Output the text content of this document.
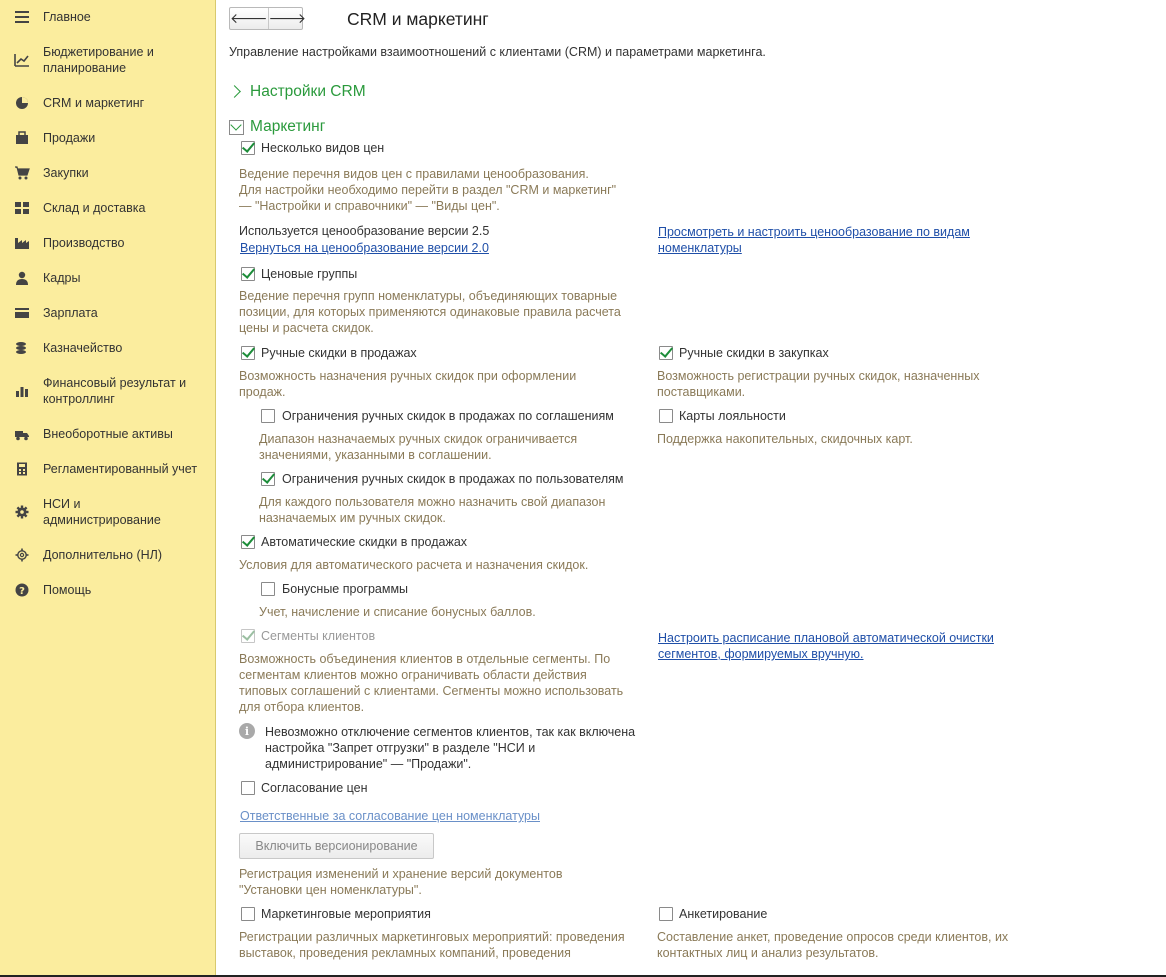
Главное
Бюджетирование и
планирование
CRM и маркетинг
Продажи
Закупки
Склад и доставка
Производство
Кадры
Зарплата
Казначейство
Финансовый результат и
контроллинг
Внеоборотные активы
Регламентированный учет
НСИ и
администрирование
Дополнительно (НЛ)
? Помощь
🡐 🡒 CRM и маркетинг
Управление настройками взаимоотношений с клиентами (CRM) и параметрами маркетинга.
Настройки CRM
Маркетинг
Несколько видов цен
Ведение перечня видов цен с правилами ценообразования.
Для настройки необходимо перейти в раздел "CRM и маркетинг"
— "Настройки и справочники" — "Виды цен".
Используется ценообразование версии 2.5
Вернуться на ценообразование версии 2.0
Просмотреть и настроить ценообразование по видам
номенклатуры
Ценовые группы
Ведение перечня групп номенклатуры, объединяющих товарные
позиции, для которых применяются одинаковые правила расчета
цены и расчета скидок.
Ручные скидки в продажах
Возможность назначения ручных скидок при оформлении
продаж.
Ручные скидки в закупках
Возможность регистрации ручных скидок, назначенных
поставщиками.
Ограничения ручных скидок в продажах по соглашениям
Диапазон назначаемых ручных скидок ограничивается
значениями, указанными в соглашении.
Карты лояльности
Поддержка накопительных, скидочных карт.
Ограничения ручных скидок в продажах по пользователям
Для каждого пользователя можно назначить свой диапазон
назначаемых им ручных скидок.
Автоматические скидки в продажах
Условия для автоматического расчета и назначения скидок.
Бонусные программы
Учет, начисление и списание бонусных баллов.
Сегменты клиентов
Возможность объединения клиентов в отдельные сегменты. По
сегментам клиентов можно ограничивать области действия
типовых соглашений с клиентами. Сегменты можно использовать
для отбора клиентов.
Настроить расписание плановой автоматической очистки
сегментов, формируемых вручную.
i	Невозможно отключение сегментов клиентов, так как включена
настройка "Запрет отгрузки" в разделе "НСИ и
администрирование" — "Продажи".
Согласование цен
Ответственные за согласование цен номенклатуры
Включить версионирование
Регистрация изменений и хранение версий документов
"Установки цен номенклатуры".
Маркетинговые мероприятия
Регистрации различных маркетинговых мероприятий: проведения
выставок, проведения рекламных компаний, проведения
Анкетирование
Составление анкет, проведение опросов среди клиентов, их
контактных лиц и анализ результатов.
